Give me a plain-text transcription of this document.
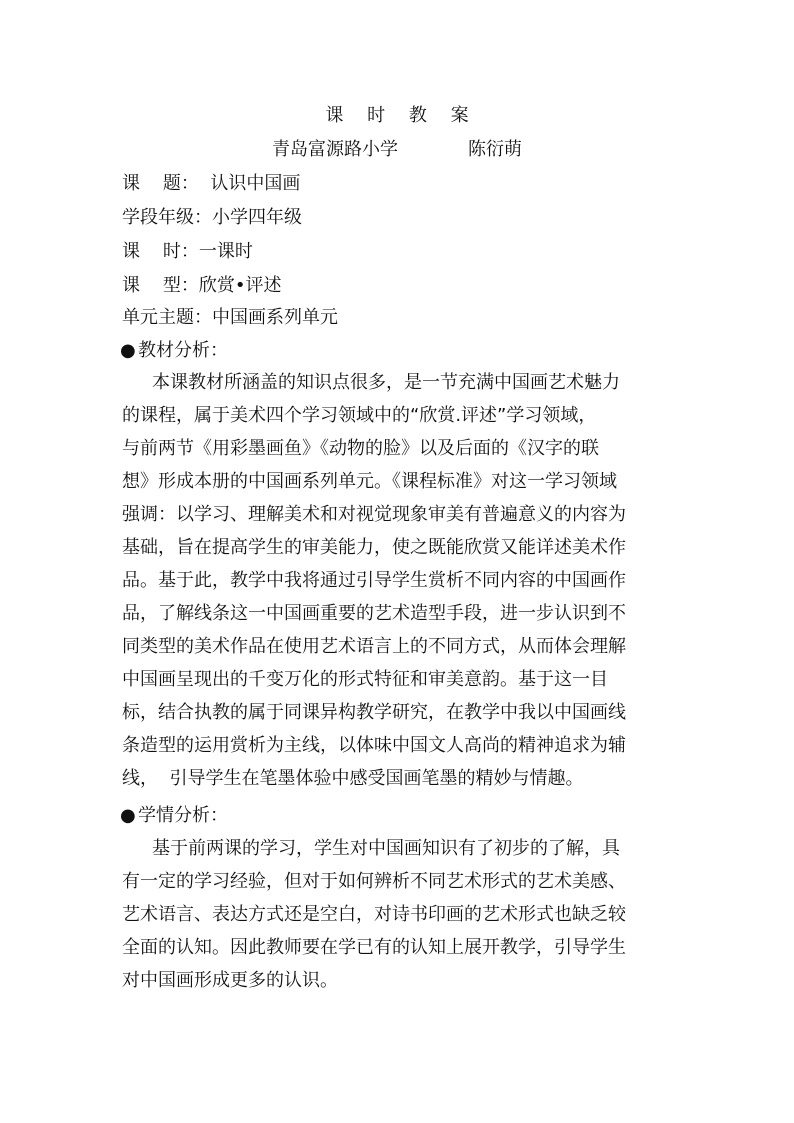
课 时 教 案
青岛富源路小学	陈衍萌
课    题：  认识中国画
学段年级：小学四年级
课    时：一课时
课    型：欣赏•评述
单元主题：中国画系列单元
● 教材分析：
本课教材所涵盖的知识点很多，是一节充满中国画艺术魅力
的课程，属于美术四个学习领域中的“欣赏.评述”学习领域，
与前两节《用彩墨画鱼》《动物的脸》以及后面的《汉字的联
想》形成本册的中国画系列单元。《课程标准》对这一学习领域
强调：以学习、理解美术和对视觉现象审美有普遍意义的内容为
基础，旨在提高学生的审美能力，使之既能欣赏又能详述美术作
品。基于此，教学中我将通过引导学生赏析不同内容的中国画作
品，了解线条这一中国画重要的艺术造型手段，进一步认识到不
同类型的美术作品在使用艺术语言上的不同方式，从而体会理解
中国画呈现出的千变万化的形式特征和审美意韵。基于这一目
标，结合执教的属于同课异构教学研究，在教学中我以中国画线
条造型的运用赏析为主线，以体味中国文人高尚的精神追求为辅
线，  引导学生在笔墨体验中感受国画笔墨的精妙与情趣。
● 学情分析：
基于前两课的学习，学生对中国画知识有了初步的了解，具
有一定的学习经验，但对于如何辨析不同艺术形式的艺术美感、
艺术语言、表达方式还是空白，对诗书印画的艺术形式也缺乏较
全面的认知。因此教师要在学已有的认知上展开教学，引导学生
对中国画形成更多的认识。
